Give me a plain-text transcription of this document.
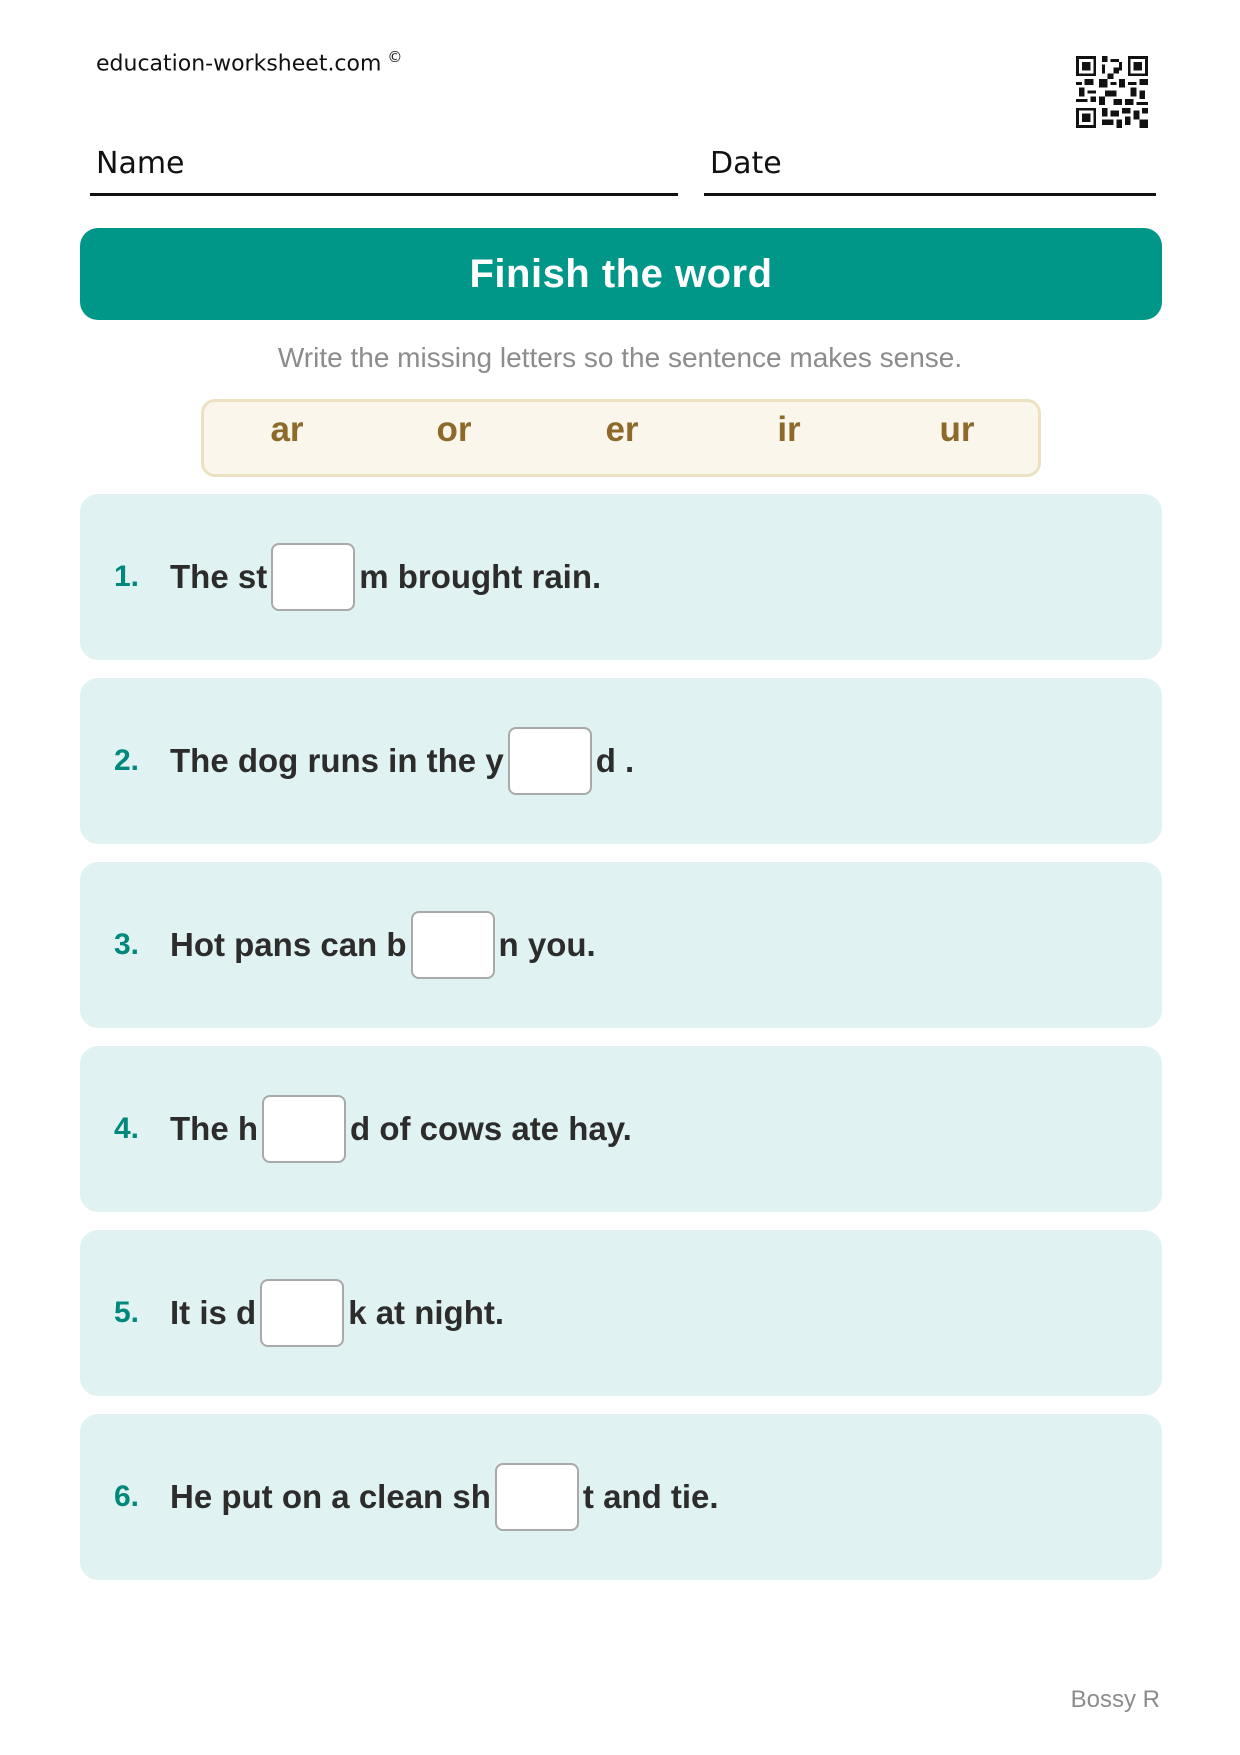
education-worksheet.com ©
Name	Date
Finish the word
Write the missing letters so the sentence makes sense.
ar	or	er	ir	ur
1. The st	m brought rain.
2. The dog runs in the y	d .
3. Hot pans can b	n you.
4. The h	d of cows ate hay.
5. It is d	k at night.
6. He put on a clean sh	t and tie.
Bossy R
